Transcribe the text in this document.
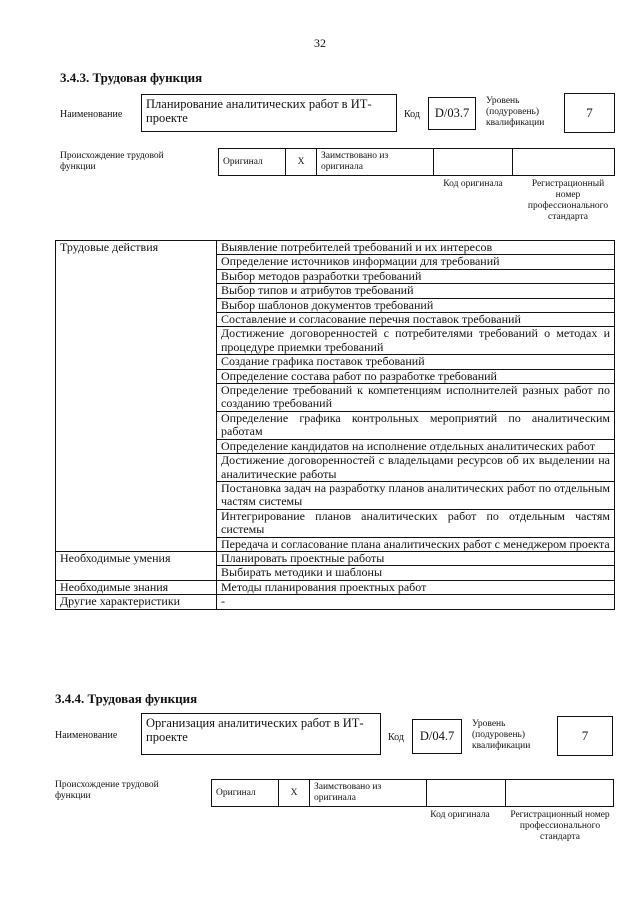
32
3.4.3. Трудовая функция
Наименование
Планирование аналитических работ в ИТ-проекте	Код D/03.7
Уровень (подуровень) квалификации
7
Происхождение трудовой функции
Оригинал	X	Заимствовано из оригинала		
Код оригинала	Регистрационный номер профессионального стандарта
Трудовые действия	Выявление потребителей требований и их интересов
	Определение источников информации для требований
	Выбор методов разработки требований
	Выбор типов и атрибутов требований
	Выбор шаблонов документов требований
	Составление и согласование перечня поставок требований
	Достижение договоренностей с потребителями требований о методах и процедуре приемки требований
	Создание графика поставок требований
	Определение состава работ по разработке требований
	Определение требований к компетенциям исполнителей разных работ по созданию требований
	Определение графика контрольных мероприятий по аналитическим работам
	Определение кандидатов на исполнение отдельных аналитических работ
	Достижение договоренностей с владельцами ресурсов об их выделении на аналитические работы
	Постановка задач на разработку планов аналитических работ по отдельным частям системы
	Интегрирование планов аналитических работ по отдельным частям системы
	Передача и согласование плана аналитических работ с менеджером проекта
Необходимые умения	Планировать проектные работы
	Выбирать методики и шаблоны
Необходимые знания	Методы планирования проектных работ
Другие характеристики	-
3.4.4. Трудовая функция
Наименование
Организация аналитических работ в ИТ-проекте	Код D/04.7
Уровень (подуровень) квалификации
7
Происхождение трудовой функции	Оригинал	X	Заимствовано из оригинала		
Код оригинала	Регистрационный номер профессионального стандарта
